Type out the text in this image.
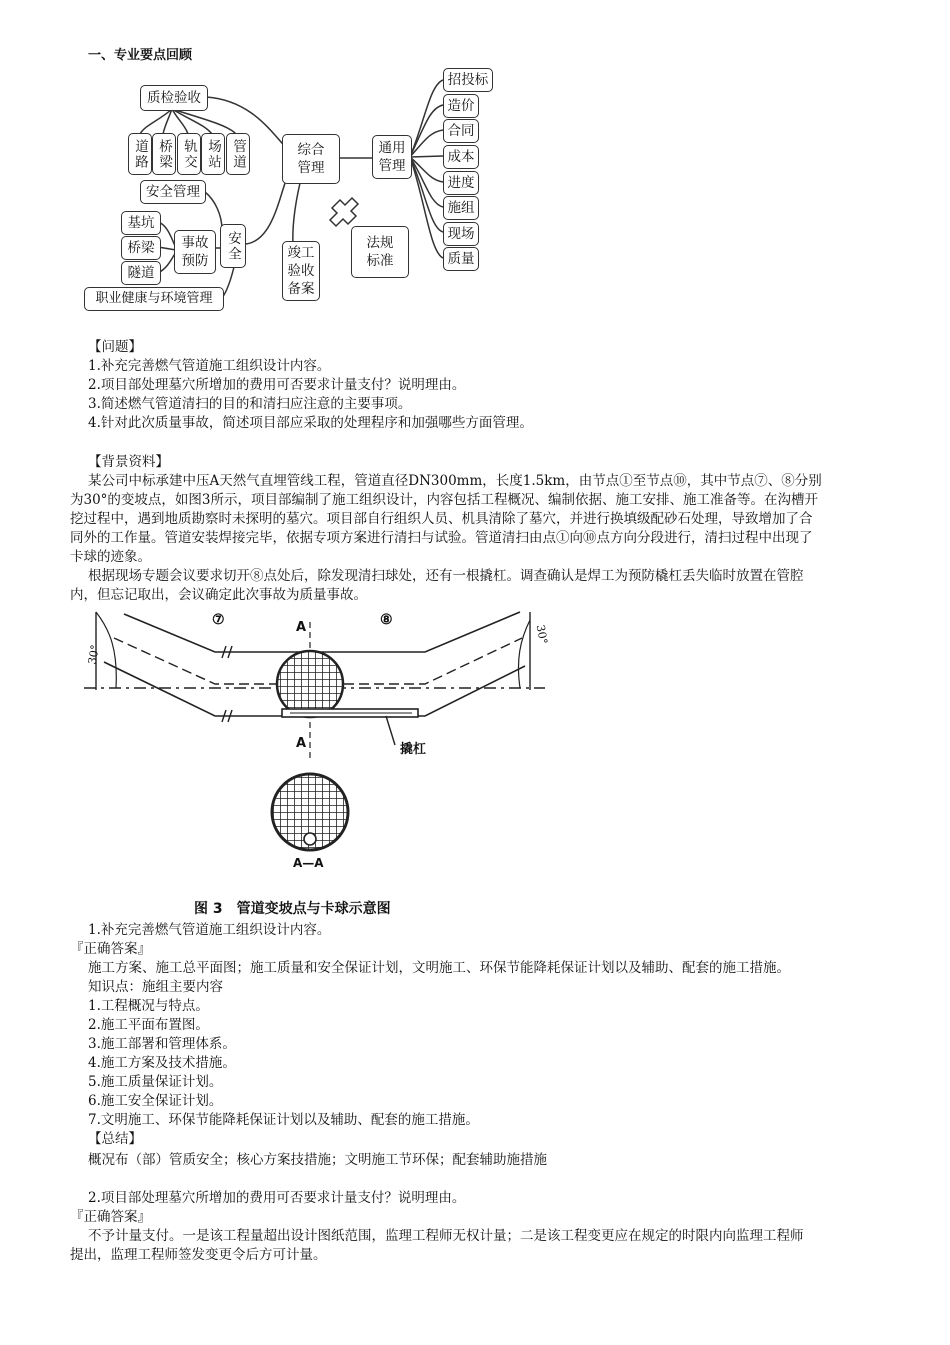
一、专业要点回顾
质检验收
道路 桥梁 轨交 场站 管道
安全管理
基坑
桥梁
隧道
事故预防	安全
职业健康与环境管理
综合管理
竣工验收备案
通用管理
法规标准
招投标
造价
合同
成本
进度
施组
现场
质量
【问题】
1.补充完善燃气管道施工组织设计内容。
2.项目部处理墓穴所增加的费用可否要求计量支付？说明理由。
3.简述燃气管道清扫的目的和清扫应注意的主要事项。
4.针对此次质量事故，简述项目部应采取的处理程序和加强哪些方面管理。
【背景资料】
某公司中标承建中压A天然气直埋管线工程，管道直径DN300mm，长度1.5km，由节点①至节点⑩，其中节点⑦、⑧分别
为30°的变坡点，如图3所示，项目部编制了施工组织设计，内容包括工程概况、编制依据、施工安排、施工准备等。在沟槽开
挖过程中，遇到地质勘察时未探明的墓穴。项目部自行组织人员、机具清除了墓穴，并进行换填级配砂石处理，导致增加了合
同外的工作量。管道安装焊接完毕，依据专项方案进行清扫与试验。管道清扫由点①向⑩点方向分段进行，清扫过程中出现了
卡球的迹象。
根据现场专题会议要求切开⑧点处后，除发现清扫球处，还有一根撬杠。调查确认是焊工为预防橇杠丢失临时放置在管腔
内，但忘记取出，会议确定此次事故为质量事故。
⑦	⑧
30°
30°
A
A	撬杠
A—A
图 3　管道变坡点与卡球示意图
1.补充完善燃气管道施工组织设计内容。
『正确答案』
施工方案、施工总平面图；施工质量和安全保证计划，文明施工、环保节能降耗保证计划以及辅助、配套的施工措施。
知识点：施组主要内容
1.工程概况与特点。
2.施工平面布置图。
3.施工部署和管理体系。
4.施工方案及技术措施。
5.施工质量保证计划。
6.施工安全保证计划。
7.文明施工、环保节能降耗保证计划以及辅助、配套的施工措施。
【总结】
概况布（部）管质安全；核心方案技措施；文明施工节环保；配套辅助施措施
2.项目部处理墓穴所增加的费用可否要求计量支付？说明理由。
『正确答案』
不予计量支付。一是该工程量超出设计图纸范围，监理工程师无权计量；二是该工程变更应在规定的时限内向监理工程师
提出，监理工程师签发变更令后方可计量。
